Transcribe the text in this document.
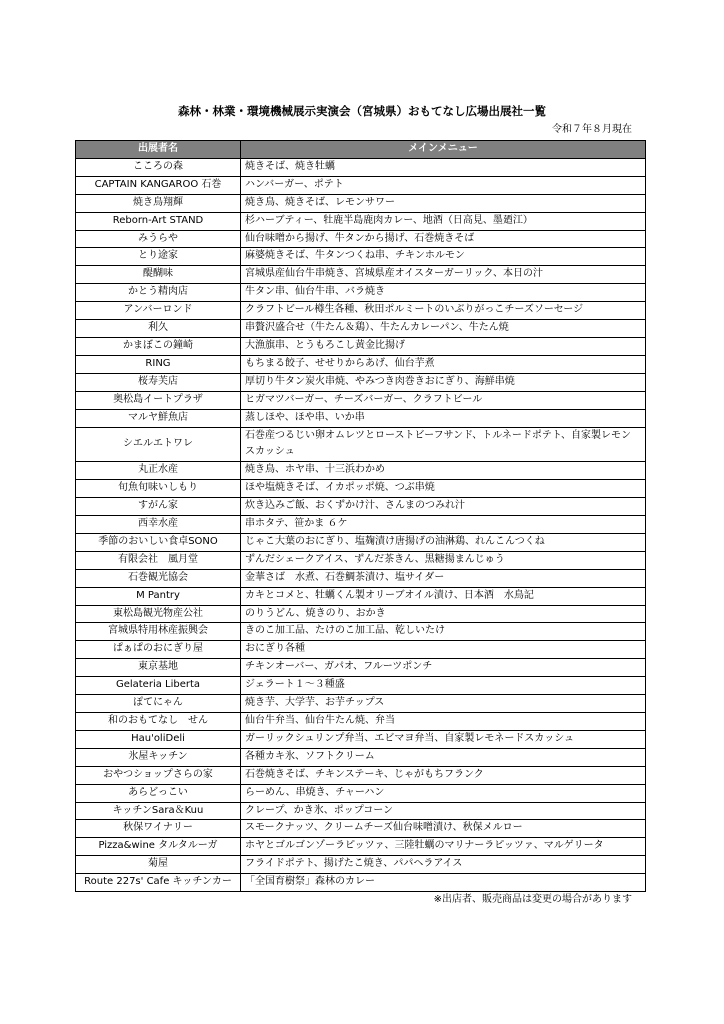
森林・林業・環境機械展示実演会（宮城県）おもてなし広場出展社一覧
令和７年８月現在
出展者名	メインメニュー
こころの森	焼きそば、焼き牡蠣
CAPTAIN KANGAROO 石巻	ハンバーガー、ポテト
焼き鳥翔輝	焼き鳥、焼きそば、レモンサワー
Reborn-Art STAND	杉ハーブティー、牡鹿半島鹿肉カレー、地酒（日高見、墨廼江）
みうらや	仙台味噌から揚げ、牛タンから揚げ、石巻焼きそば
とり途家	麻婆焼きそば、牛タンつくね串、チキンホルモン
醍醐味	宮城県産仙台牛串焼き、宮城県産オイスターガーリック、本日の汁
かとう精肉店	牛タン串、仙台牛串、バラ焼き
アンバーロンド	クラフトビール樽生各種、秋田ポルミートのいぶりがっこチーズソーセージ
利久	串贅沢盛合せ（牛たん＆鶏）、牛たんカレーパン、牛たん焼
かまぼこの鐘崎	大漁旗串、とうもろこし黄金比揚げ
RING	もちまる餃子、せせりからあげ、仙台芋煮
桜寿芙店	厚切り牛タン炭火串焼、やみつき肉巻きおにぎり、海鮮串焼
奥松島イートプラザ	ヒガマツバーガー、チーズバーガー、クラフトビール
マルヤ鮮魚店	蒸しほや、ほや串、いか串
シエルエトワレ	石巻産つるじい卵オムレツとローストビーフサンド、トルネードポテト、自家製レモンスカッシュ
丸正水産	焼き鳥、ホヤ串、十三浜わかめ
旬魚旬味いしもり	ほや塩焼きそば、イカポッポ焼、つぶ串焼
すがん家	炊き込みご飯、おくずかけ汁、さんまのつみれ汁
西幸水産	串ホタテ、笹かま ６ケ
季節のおいしい食卓SONO	じゃこ大葉のおにぎり、塩麹漬け唐揚げの油淋鶏、れんこんつくね
有限会社　風月堂	ずんだシェークアイス、ずんだ茶きん、黒糖揚まんじゅう
石巻観光協会	金華さば　水煮、石巻鯛茶漬け、塩サイダー
M Pantry	カキとコメと、牡蠣くん製オリーブオイル漬け、日本酒　水鳥記
東松島観光物産公社	のりうどん、焼きのり、おかき
宮城県特用林産振興会	きのこ加工品、たけのこ加工品、乾しいたけ
ぱぁぱのおにぎり屋	おにぎり各種
東京基地	チキンオーバー、ガパオ、フルーツポンチ
Gelateria Liberta	ジェラート１～３種盛
ぽてにゃん	焼き芋、大学芋、お芋チップス
和のおもてなし　せん	仙台牛弁当、仙台牛たん焼、弁当
Hau'oliDeli	ガーリックシュリンプ弁当、エビマヨ弁当、自家製レモネードスカッシュ
氷屋キッチン	各種カキ氷、ソフトクリーム
おやつショップさらの家	石巻焼きそば、チキンステーキ、じゃがもちフランク
あらどっこい	らーめん、串焼き、チャーハン
キッチンSara＆Kuu	クレープ、かき氷、ポップコーン
秋保ワイナリー	スモークナッツ、クリームチーズ仙台味噌漬け、秋保メルロー
Pizza&wine タルタルーガ	ホヤとゴルゴンゾーラピッツァ、三陸牡蠣のマリナーラピッツァ、マルゲリータ
菊屋	フライドポテト、揚げたこ焼き、パパヘラアイス
Route 227s' Cafe キッチンカー	「全国育樹祭」森林のカレー
※出店者、販売商品は変更の場合があります
